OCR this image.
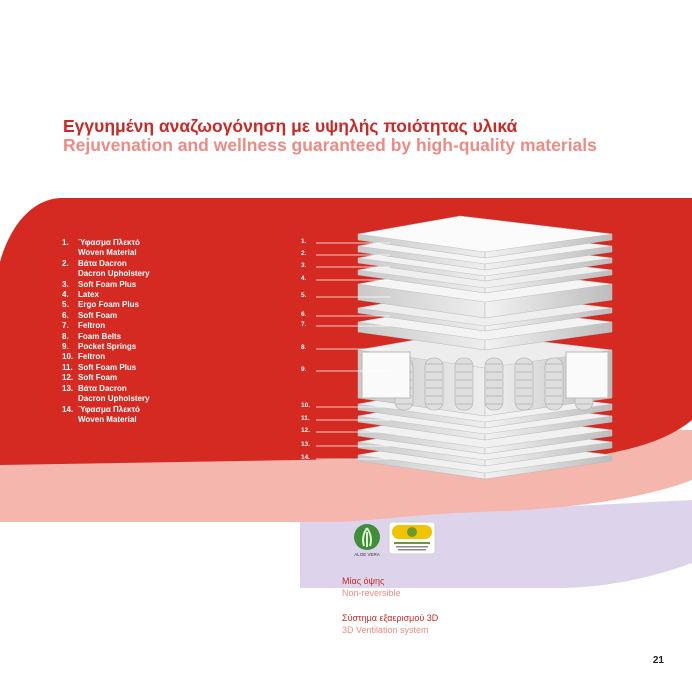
Εγγυημένη αναζωογόνηση με υψηλής ποιότητας υλικά
Rejuvenation and wellness guaranteed by high-quality materials
1.	Ύφασμα Πλεκτό
Woven Material
2.	Βάτα Dacron
Dacron Upholstery
3.	Soft Foam Plus
4.	Latex
5.	Ergo Foam Plus
6.	Soft Foam
7.	Feltron
8.	Foam Belts
9.	Pocket Springs
10. Feltron
11. Soft Foam Plus
12. Soft Foam
13. Βάτα Dacron
Dacron Upholstery
14. Ύφασμα Πλεκτό
Woven Material
1.
2.
3.
4.
5.
6.
7.
8.
9.
10.
11.
12.
13.
14.
ALOE VERA
Μίας όψης
Non-reversible
Σύστημα εξαερισμού 3D
3D Ventilation system
21
